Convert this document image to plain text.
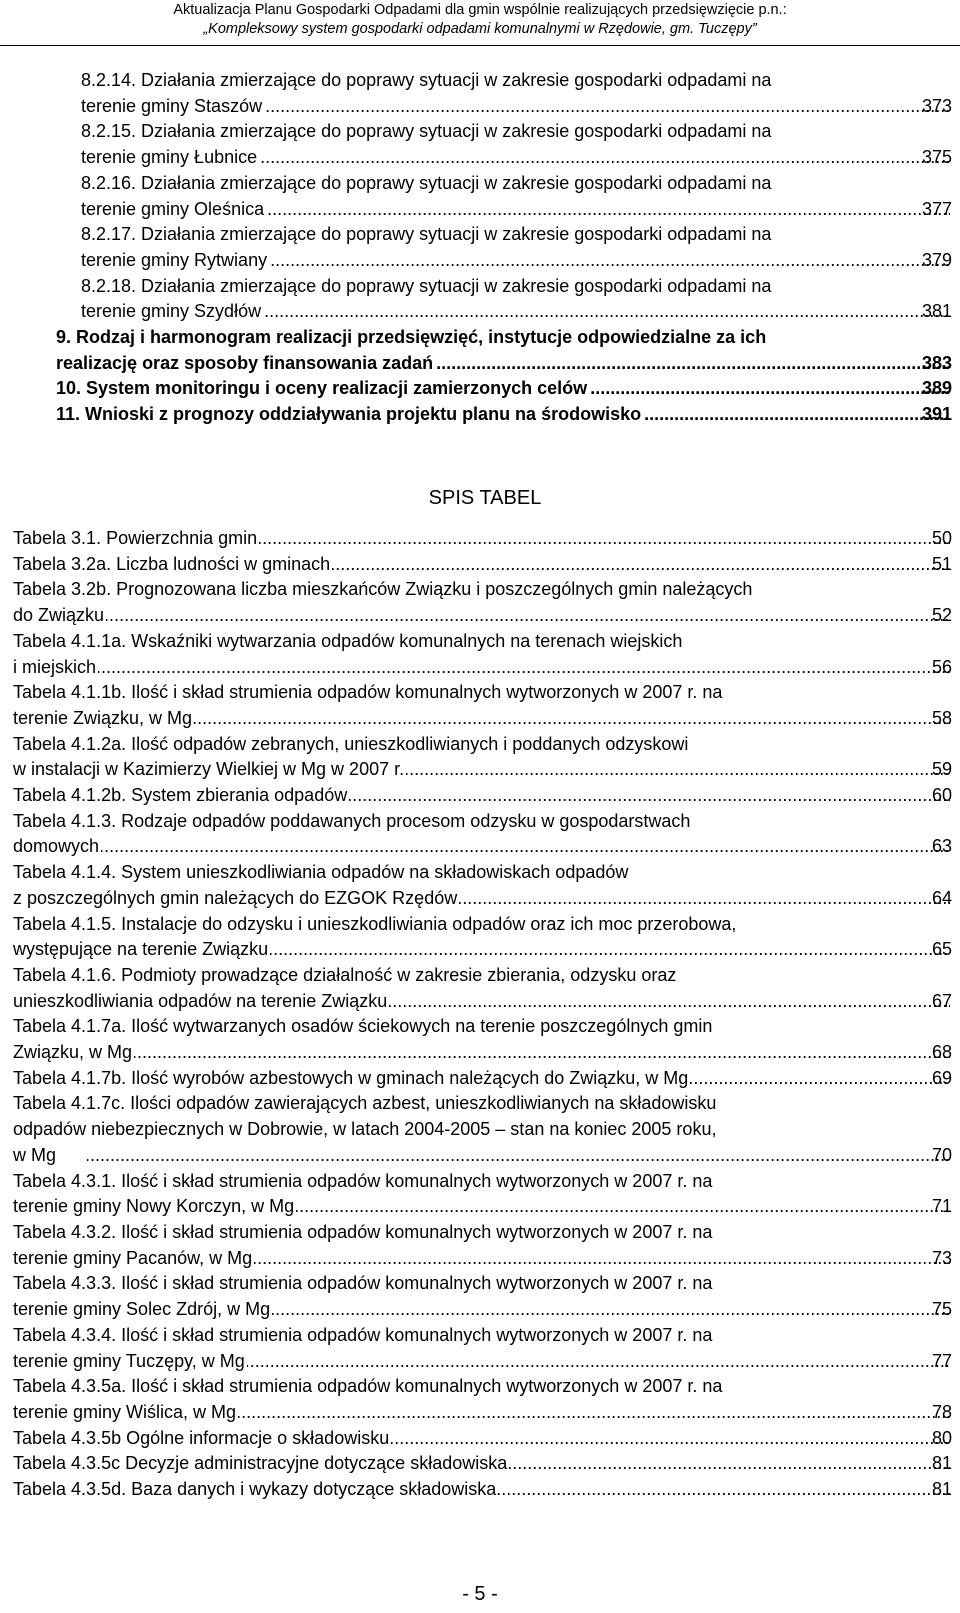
Aktualizacja Planu Gospodarki Odpadami dla gmin wspólnie realizujących przedsięwzięcie p.n.:
„Kompleksowy system gospodarki odpadami komunalnymi w Rzędowie, gm. Tuczępy”
8.2.14. Działania zmierzające do poprawy sytuacji w zakresie gospodarki odpadami na
terenie gminy Staszów .....	373
8.2.15. Działania zmierzające do poprawy sytuacji w zakresie gospodarki odpadami na
terenie gminy Łubnice .....	375
8.2.16. Działania zmierzające do poprawy sytuacji w zakresie gospodarki odpadami na
terenie gminy Oleśnica .....	377
8.2.17. Działania zmierzające do poprawy sytuacji w zakresie gospodarki odpadami na
terenie gminy Rytwiany .....	379
8.2.18. Działania zmierzające do poprawy sytuacji w zakresie gospodarki odpadami na
terenie gminy Szydłów .....	381
9. Rodzaj i harmonogram realizacji przedsięwzięć, instytucje odpowiedzialne za ich
realizację oraz sposoby finansowania zadań .....	383
10. System monitoringu i oceny realizacji zamierzonych celów .....	389
11. Wnioski z prognozy oddziaływania projektu planu na środowisko .....	391
SPIS TABEL
Tabela 3.1. Powierzchnia gmin .....	50
Tabela 3.2a. Liczba ludności w gminach .....	51
Tabela 3.2b. Prognozowana liczba mieszkańców Związku i poszczególnych gmin należących
do Związku .....	52
Tabela 4.1.1a. Wskaźniki wytwarzania odpadów komunalnych na terenach wiejskich
i miejskich .....	56
Tabela 4.1.1b. Ilość i skład strumienia odpadów komunalnych wytworzonych w 2007 r. na
terenie Związku, w Mg .....	58
Tabela 4.1.2a. Ilość odpadów zebranych, unieszkodliwianych i poddanych odzyskowi
w instalacji w Kazimierzy Wielkiej w Mg w 2007 r. .....	59
Tabela 4.1.2b. System zbierania odpadów .....	60
Tabela 4.1.3. Rodzaje odpadów poddawanych procesom odzysku w gospodarstwach
domowych .....	63
Tabela 4.1.4. System unieszkodliwiania odpadów na składowiskach odpadów
z poszczególnych gmin należących do EZGOK Rzędów .....	64
Tabela 4.1.5. Instalacje do odzysku i unieszkodliwiania odpadów oraz ich moc przerobowa,
występujące na terenie Związku .....	65
Tabela 4.1.6. Podmioty prowadzące działalność w zakresie zbierania, odzysku oraz
unieszkodliwiania odpadów na terenie Związku .....	67
Tabela 4.1.7a. Ilość wytwarzanych osadów ściekowych na terenie poszczególnych gmin
Związku, w Mg .....	68
Tabela 4.1.7b. Ilość wyrobów azbestowych w gminach należących do Związku, w Mg .....	69
Tabela 4.1.7c. Ilości odpadów zawierających azbest, unieszkodliwianych na składowisku
odpadów niebezpiecznych w Dobrowie, w latach 2004-2005 – stan na koniec 2005 roku,
w Mg .....	70
Tabela 4.3.1. Ilość i skład strumienia odpadów komunalnych wytworzonych w 2007 r. na
terenie gminy Nowy Korczyn, w Mg .....	71
Tabela 4.3.2. Ilość i skład strumienia odpadów komunalnych wytworzonych w 2007 r. na
terenie gminy Pacanów, w Mg .....	73
Tabela 4.3.3. Ilość i skład strumienia odpadów komunalnych wytworzonych w 2007 r. na
terenie gminy Solec Zdrój, w Mg .....	75
Tabela 4.3.4. Ilość i skład strumienia odpadów komunalnych wytworzonych w 2007 r. na
terenie gminy Tuczępy, w Mg .....	77
Tabela 4.3.5a. Ilość i skład strumienia odpadów komunalnych wytworzonych w 2007 r. na
terenie gminy Wiślica, w Mg .....	78
Tabela 4.3.5b Ogólne informacje o składowisku .....	80
Tabela 4.3.5c Decyzje administracyjne dotyczące składowiska .....	81
Tabela 4.3.5d. Baza danych i wykazy dotyczące składowiska. .....	81
- 5 -
